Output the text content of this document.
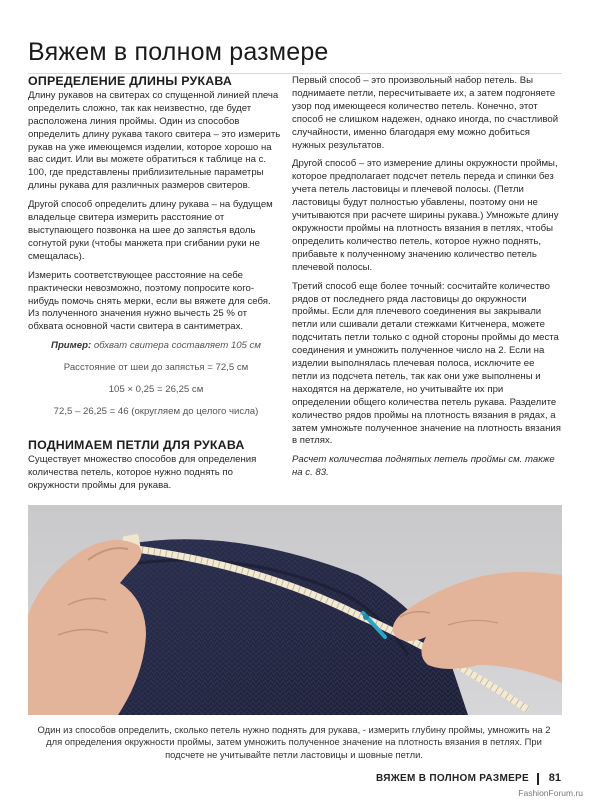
Вяжем в полном размере
ОПРЕДЕЛЕНИЕ ДЛИНЫ РУКАВА

Длину рукавов на свитерах со спущенной линией плеча определить сложно, так как неизвестно, где будет расположена линия проймы. Один из способов определить длину рукава такого свитера – это измерить рукав на уже имеющемся изделии, которое хорошо на вас сидит. Или вы можете обратиться к таблице на с. 100, где представлены приблизительные параметры длины рукава для различных размеров свитеров.

Другой способ определить длину рукава – на будущем владельце свитера измерить расстояние от выступающего позвонка на шее до запястья вдоль согнутой руки (чтобы манжета при сгибании руки не смещалась).

Измерить соответствующее расстояние на себе практически невозможно, поэтому попросите кого-нибудь помочь снять мерки, если вы вяжете для себя. Из полученного значения нужно вычесть 25 % от обхвата основной части свитера в сантиметрах.

Пример: обхват свитера составляет 105 см
Расстояние от шеи до запястья = 72,5 см
105 × 0,25 = 26,25 см
72,5 – 26,25 = 46 (округляем до целого числа)
ПОДНИМАЕМ ПЕТЛИ ДЛЯ РУКАВА

Существует множество способов для определения количества петель, которое нужно поднять по окружности проймы для рукава.

Первый способ – это произвольный набор петель. Вы поднимаете петли, пересчитываете их, а затем подгоняете узор под имеющееся количество петель. Конечно, этот способ не слишком надежен, однако иногда, по счастливой случайности, именно благодаря ему можно добиться нужных результатов.

Другой способ – это измерение длины окружности проймы, которое предполагает подсчет петель переда и спинки без учета петель ластовицы и плечевой полосы. (Петли ластовицы будут полностью убавлены, поэтому они не учитываются при расчете ширины рукава.) Умножьте длину окружности проймы на плотность вязания в петлях, чтобы определить количество петель, которое нужно поднять, прибавьте к полученному значению количество петель плечевой полосы.

Третий способ еще более точный: сосчитайте количество рядов от последнего ряда ластовицы до окружности проймы. Если для плечевого соединения вы закрывали петли или сшивали детали стежками Китченера, можете подсчитать петли только с одной стороны проймы до места соединения и умножить полученное число на 2. Если на изделии выполнялась плечевая полоса, исключите ее петли из подсчета петель, так как они уже выполнены и находятся на держателе, но учитывайте их при определении общего количества петель рукава. Разделите количество рядов проймы на плотность вязания в рядах, а затем умножьте полученное значение на плотность вязания в петлях.

Расчет количества поднятых петель проймы см. также на с. 83.

Один из способов определить, сколько петель нужно поднять для рукава, - измерить глубину проймы, умножить на 2 для определения окружности проймы, затем умножить полученное значение на плотность вязания в петлях. При подсчете не учитывайте петли ластовицы и шовные петли.
ВЯЖЕМ В ПОЛНОМ РАЗМЕРЕ 81
FashionForum.ru
